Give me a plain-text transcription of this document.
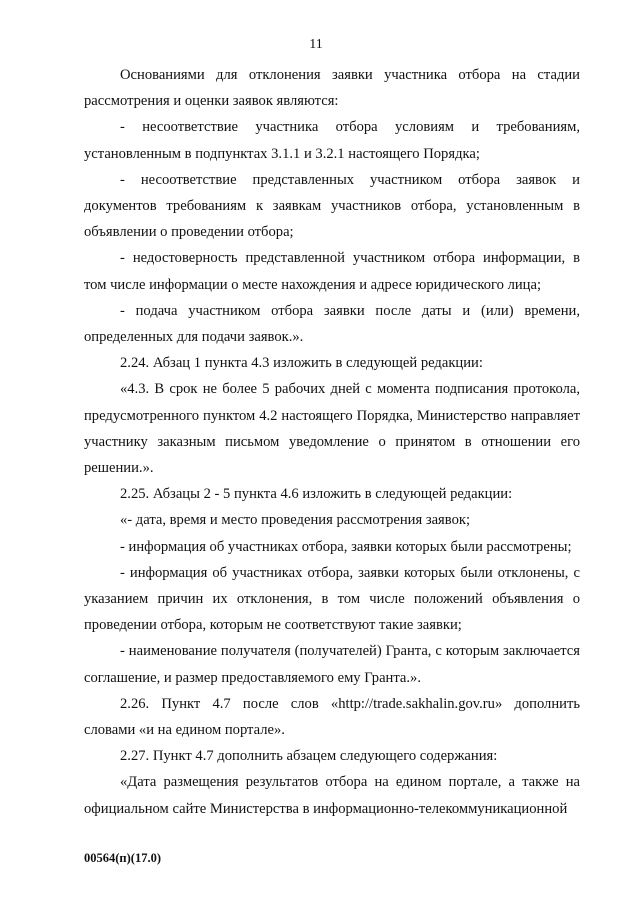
11

Основаниями для отклонения заявки участника отбора на стадии рассмотрения и оценки заявок являются:

- несоответствие участника отбора условиям и требованиям, установленным в подпунктах 3.1.1 и 3.2.1 настоящего Порядка;

- несоответствие представленных участником отбора заявок и документов требованиям к заявкам участников отбора, установленным в объявлении о проведении отбора;

- недостоверность представленной участником отбора информации, в том числе информации о месте нахождения и адресе юридического лица;

- подача участником отбора заявки после даты и (или) времени, определенных для подачи заявок.».

2.24. Абзац 1 пункта 4.3 изложить в следующей редакции:

«4.3. В срок не более 5 рабочих дней с момента подписания протокола, предусмотренного пунктом 4.2 настоящего Порядка, Министерство направляет участнику заказным письмом уведомление о принятом в отношении его решении.».

2.25. Абзацы 2 - 5 пункта 4.6 изложить в следующей редакции:

«- дата, время и место проведения рассмотрения заявок;

- информация об участниках отбора, заявки которых были рассмотрены;

- информация об участниках отбора, заявки которых были отклонены, с указанием причин их отклонения, в том числе положений объявления о проведении отбора, которым не соответствуют такие заявки;

- наименование получателя (получателей) Гранта, с которым заключается соглашение, и размер предоставляемого ему Гранта.».

2.26. Пункт 4.7 после слов «http://trade.sakhalin.gov.ru» дополнить словами «и на едином портале».

2.27. Пункт 4.7 дополнить абзацем следующего содержания:

«Дата размещения результатов отбора на едином портале, а также на официальном сайте Министерства в информационно-телекоммуникационной

00564(п)(17.0)
